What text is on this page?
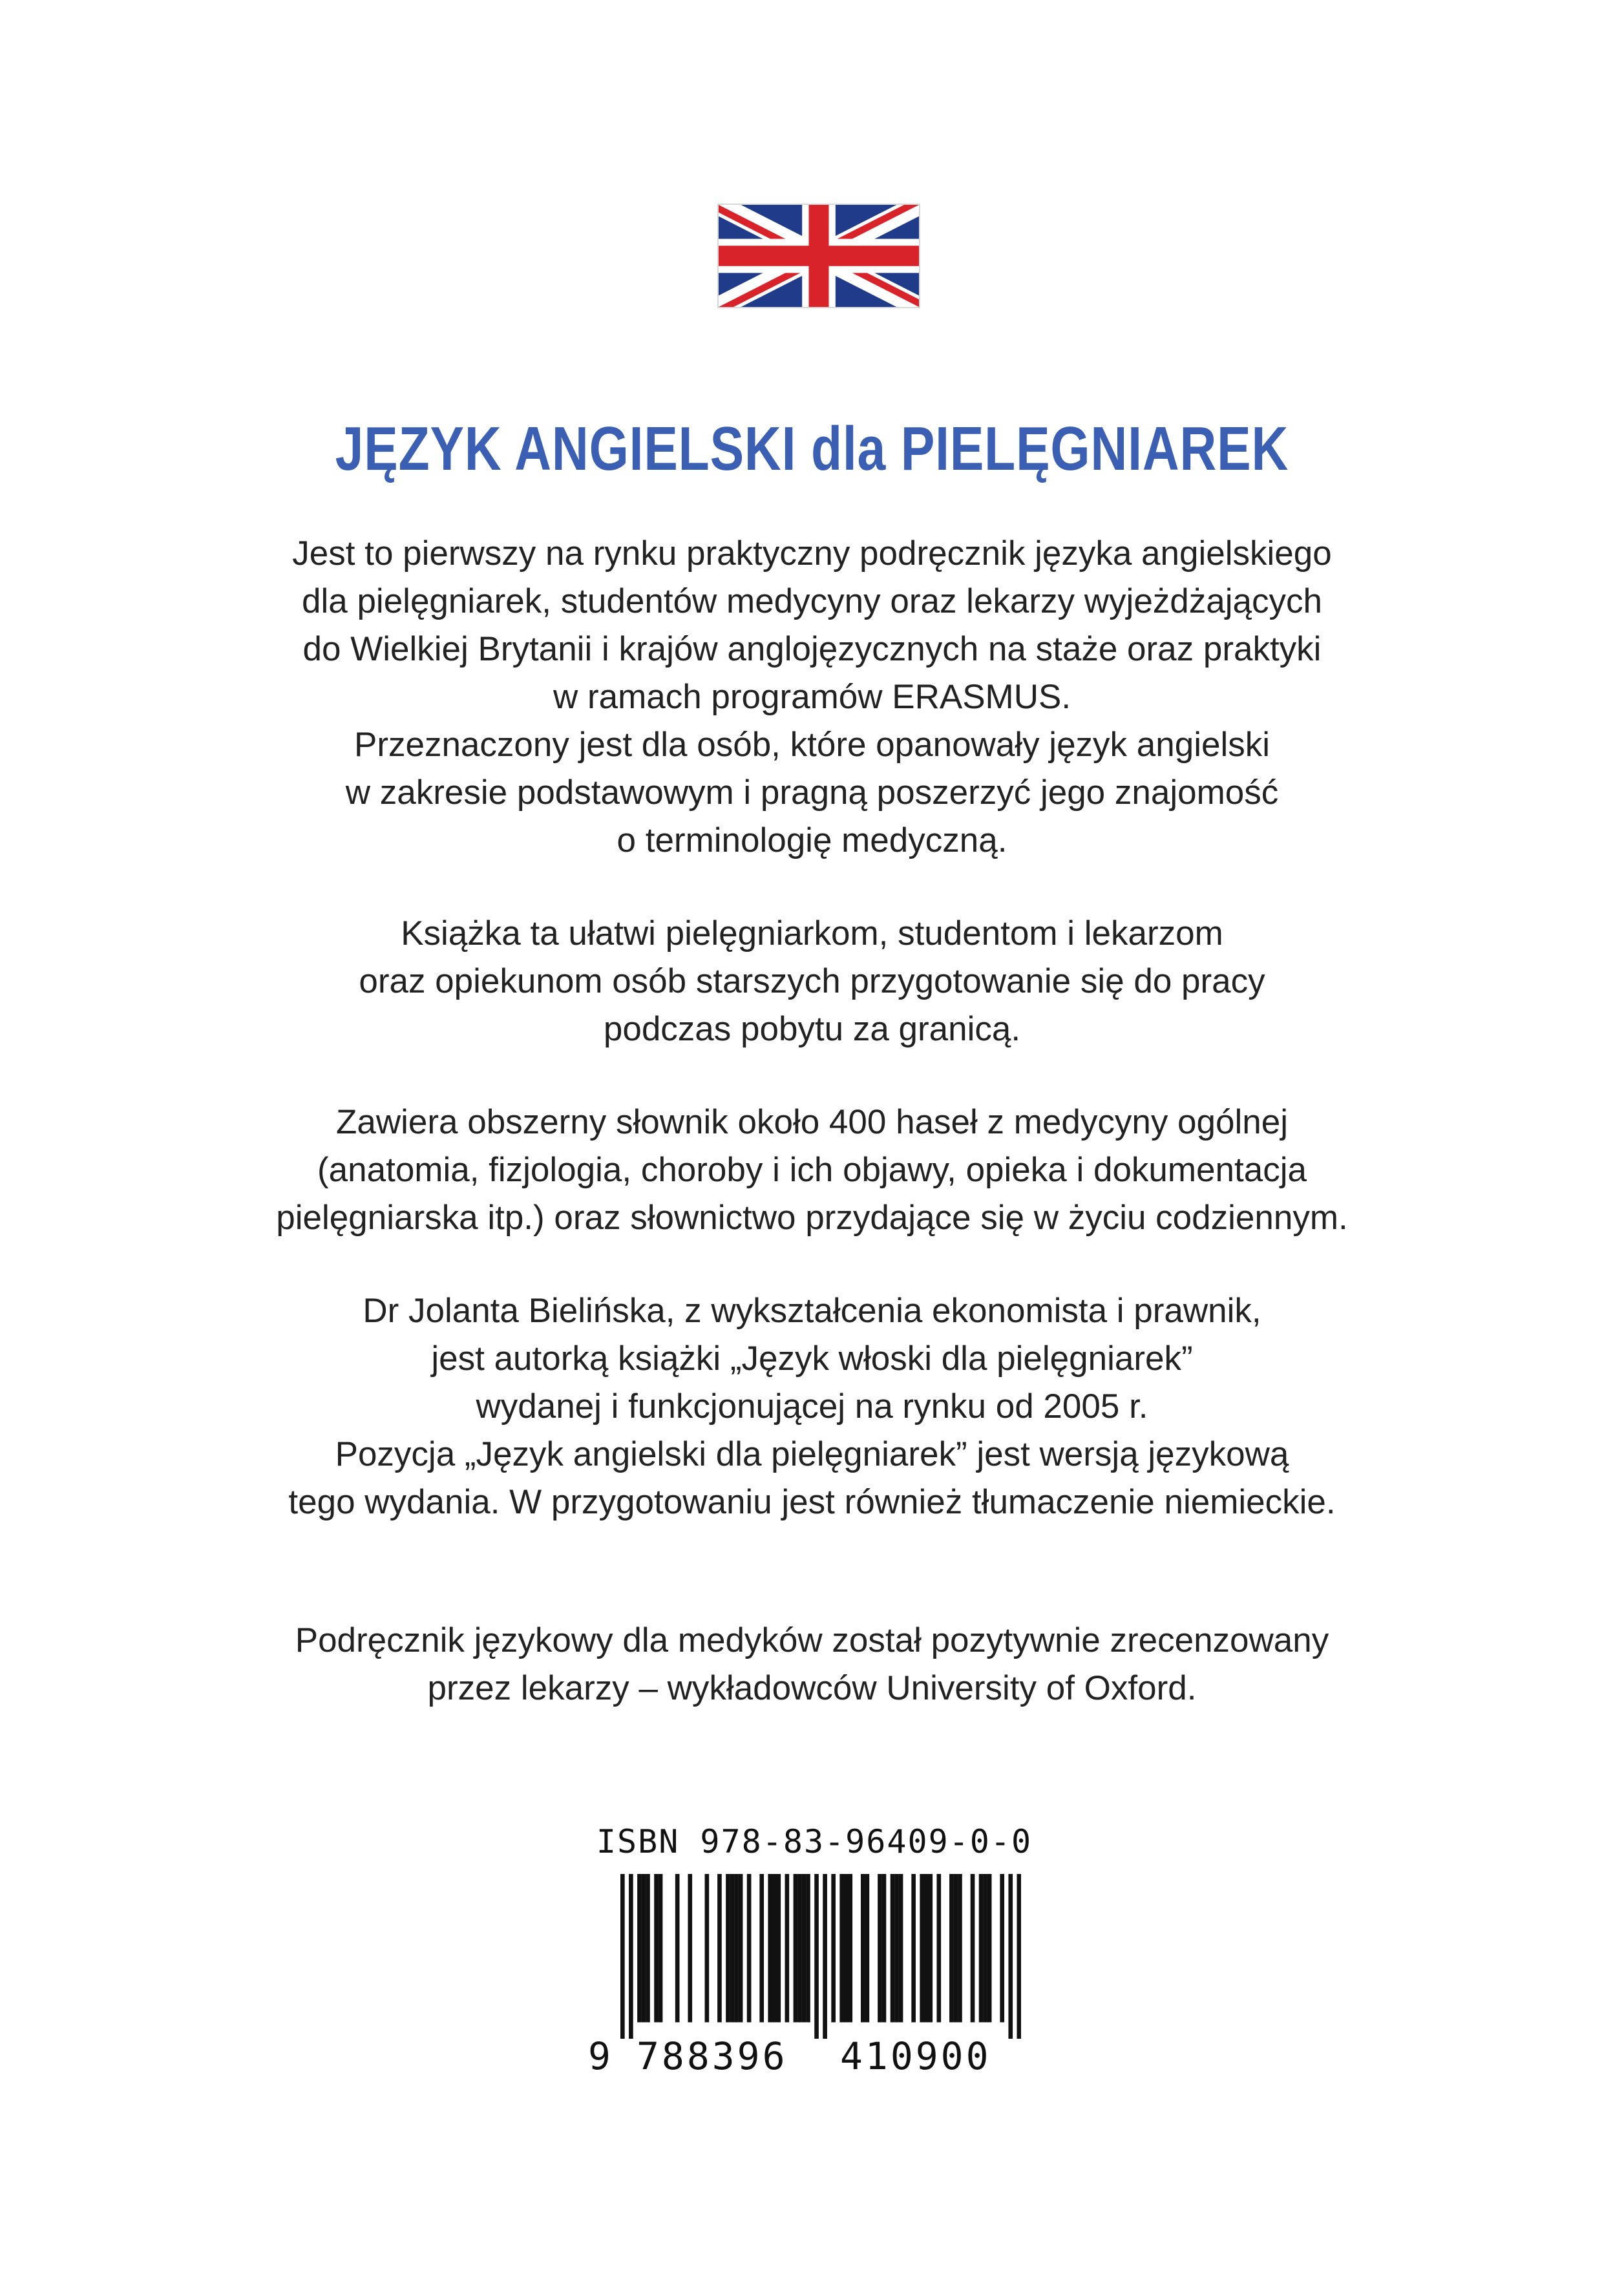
JĘZYK ANGIELSKI dla PIELĘGNIAREK

Jest to pierwszy na rynku praktyczny podręcznik języka angielskiego
dla pielęgniarek, studentów medycyny oraz lekarzy wyjeżdżających
do Wielkiej Brytanii i krajów anglojęzycznych na staże oraz praktyki
w ramach programów ERASMUS.
Przeznaczony jest dla osób, które opanowały język angielski
w zakresie podstawowym i pragną poszerzyć jego znajomość
o terminologię medyczną.

Książka ta ułatwi pielęgniarkom, studentom i lekarzom
oraz opiekunom osób starszych przygotowanie się do pracy
podczas pobytu za granicą.

Zawiera obszerny słownik około 400 haseł z medycyny ogólnej
(anatomia, fizjologia, choroby i ich objawy, opieka i dokumentacja
pielęgniarska itp.) oraz słownictwo przydające się w życiu codziennym.

Dr Jolanta Bielińska, z wykształcenia ekonomista i prawnik,
jest autorką książki „Język włoski dla pielęgniarek”
wydanej i funkcjonującej na rynku od 2005 r.
Pozycja „Język angielski dla pielęgniarek” jest wersją językową
tego wydania. W przygotowaniu jest również tłumaczenie niemieckie.

Podręcznik językowy dla medyków został pozytywnie zrecenzowany
przez lekarzy – wykładowców University of Oxford.

ISBN 978-83-96409-0-0
9 788396 410900
